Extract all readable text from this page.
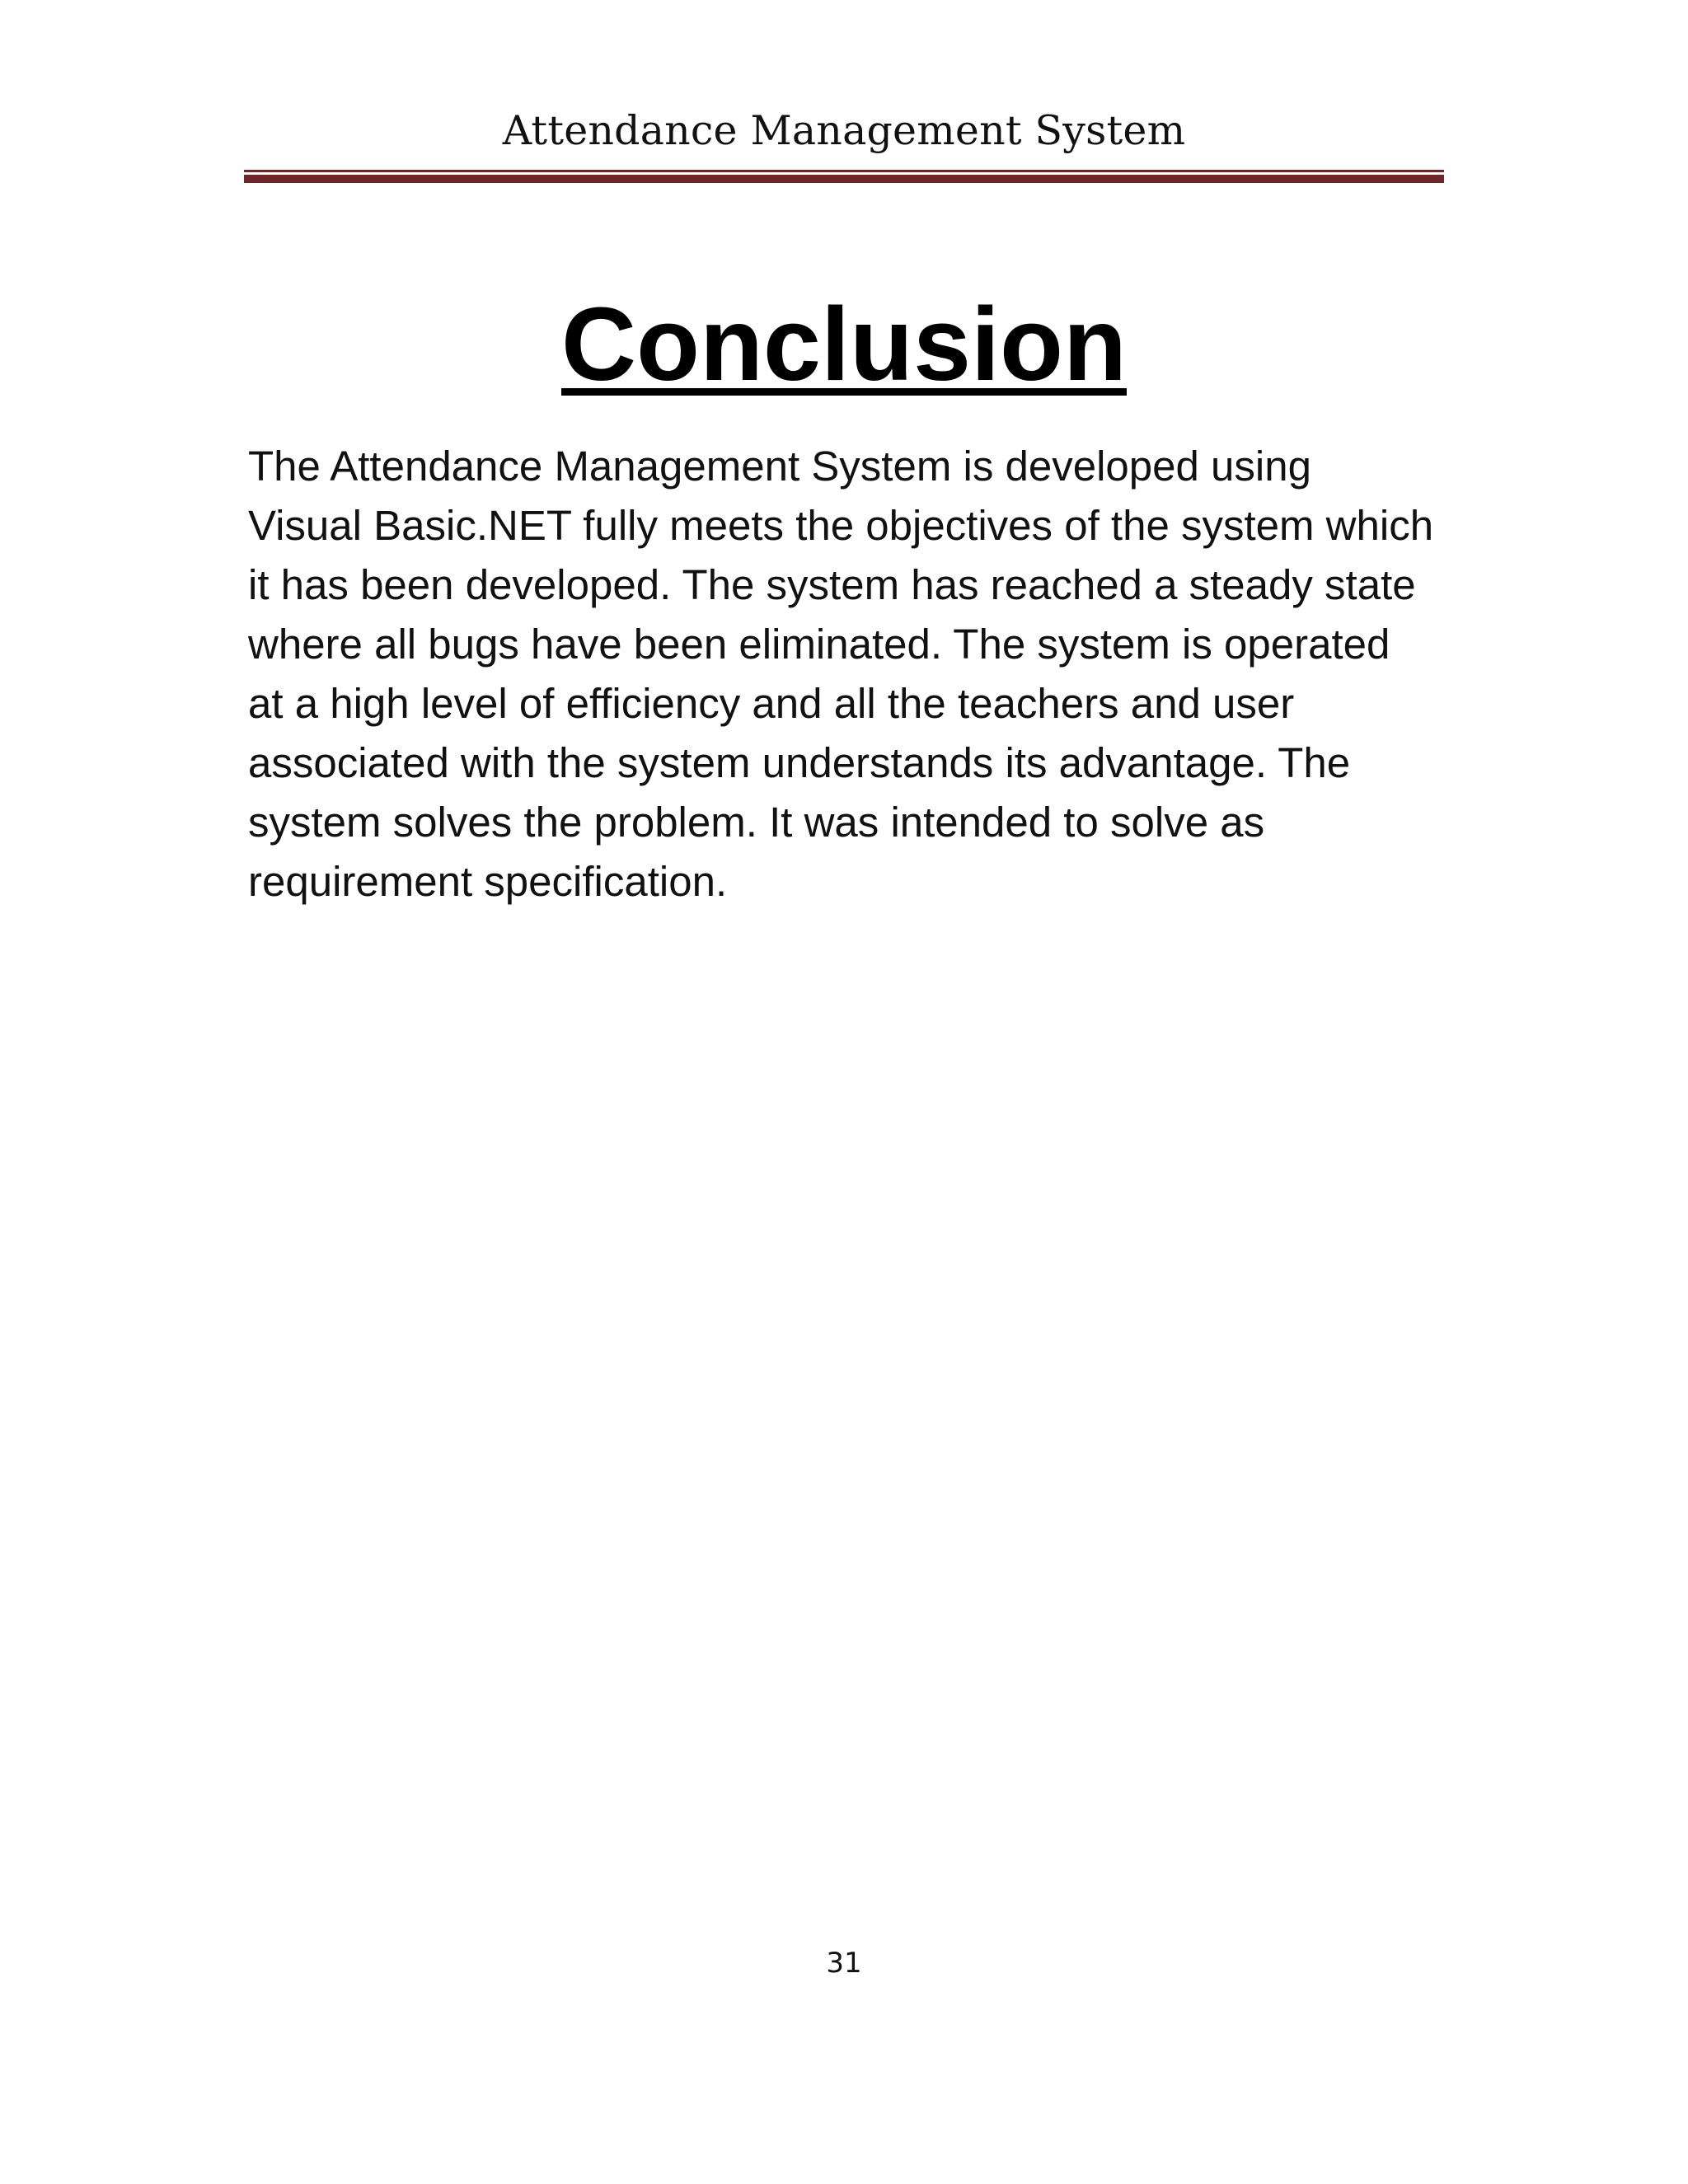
Attendance Management System
Conclusion

The Attendance Management System is developed using Visual Basic.NET fully meets the objectives of the system which it has been developed. The system has reached a steady state where all bugs have been eliminated. The system is operated at a high level of efficiency and all the teachers and user associated with the system understands its advantage. The system solves the problem. It was intended to solve as requirement specification.

31
